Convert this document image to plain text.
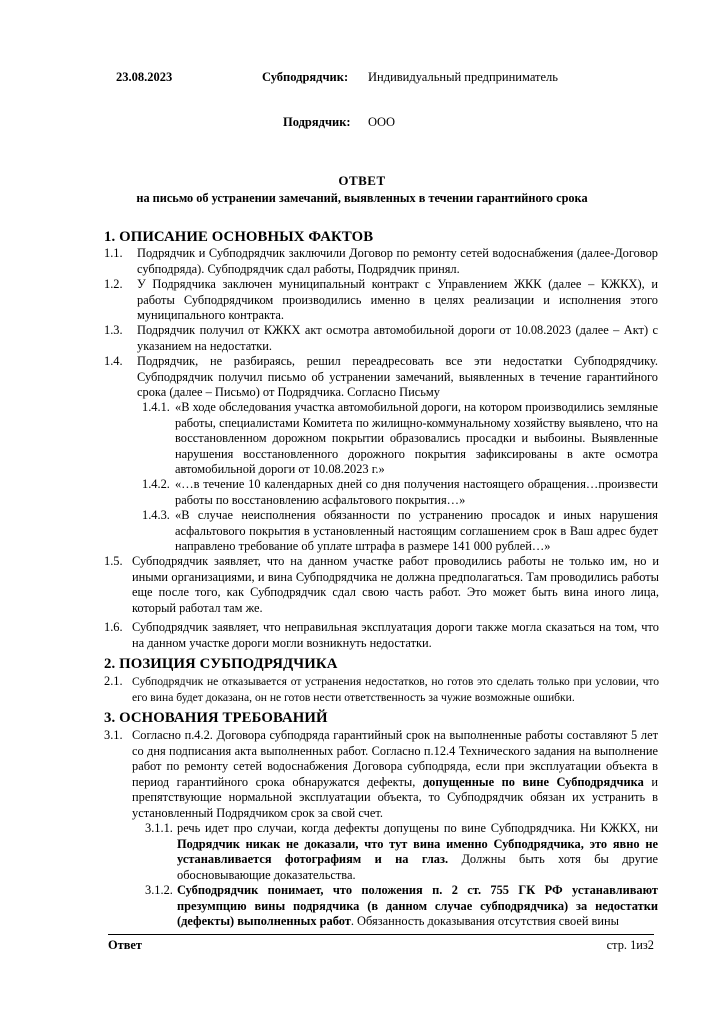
23.08.2023	Субподрядчик: Индивидуальный предприниматель
Подрядчик: ООО
ОТВЕТ
на письмо об устранении замечаний, выявленных в течении гарантийного срока
1. ОПИСАНИЕ ОСНОВНЫХ ФАКТОВ
1.1. Подрядчик и Субподрядчик заключили Договор по ремонту сетей водоснабжения (далее-Договор субподряда). Субподрядчик сдал работы, Подрядчик принял.
1.2. У Подрядчика заключен муниципальный контракт с Управлением ЖКК (далее – КЖКХ), и работы Субподрядчиком производились именно в целях реализации и исполнения этого муниципального контракта.
1.3. Подрядчик получил от КЖКХ акт осмотра автомобильной дороги от 10.08.2023 (далее – Акт) с указанием на недостатки.
1.4. Подрядчик, не разбираясь, решил переадресовать все эти недостатки Субподрядчику. Субподрядчик получил письмо об устранении замечаний, выявленных в течение гарантийного срока (далее – Письмо) от Подрядчика. Согласно Письму
1.4.1. «В ходе обследования участка автомобильной дороги, на котором производились земляные работы, специалистами Комитета по жилищно-коммунальному хозяйству выявлено, что на восстановленном дорожном покрытии образовались просадки и выбоины. Выявленные нарушения восстановленного дорожного покрытия зафиксированы в акте осмотра автомобильной дороги от 10.08.2023 г.»
1.4.2. «…в течение 10 календарных дней со дня получения настоящего обращения…произвести работы по восстановлению асфальтового покрытия…»
1.4.3. «В случае неисполнения обязанности по устранению просадок и иных нарушения асфальтового покрытия в установленный настоящим соглашением срок в Ваш адрес будет направлено требование об уплате штрафа в размере 141 000 рублей…»
1.5. Субподрядчик заявляет, что на данном участке работ проводились работы не только им, но и иными организациями, и вина Субподрядчика не должна предполагаться. Там проводились работы еще после того, как Субподрядчик сдал свою часть работ. Это может быть вина иного лица, который работал там же.
1.6. Субподрядчик заявляет, что неправильная эксплуатация дороги также могла сказаться на том, что на данном участке дороги могли возникнуть недостатки.
2. ПОЗИЦИЯ СУБПОДРЯДЧИКА
2.1. Субподрядчик не отказывается от устранения недостатков, но готов это сделать только при условии, что его вина будет доказана, он не готов нести ответственность за чужие возможные ошибки.
3. ОСНОВАНИЯ ТРЕБОВАНИЙ
3.1. Согласно п.4.2. Договора субподряда гарантийный срок на выполненные работы составляют 5 лет со дня подписания акта выполненных работ. Согласно п.12.4 Технического задания на выполнение работ по ремонту сетей водоснабжения Договора субподряда, если при эксплуатации объекта в период гарантийного срока обнаружатся дефекты, допущенные по вине Субподрядчика и препятствующие нормальной эксплуатации объекта, то Субподрядчик обязан их устранить в установленный Подрядчиком срок за свой счет.
3.1.1. речь идет про случаи, когда дефекты допущены по вине Субподрядчика. Ни КЖКХ, ни Подрядчик никак не доказали, что тут вина именно Субподрядчика, это явно не устанавливается фотографиям и на глаз. Должны быть хотя бы другие обосновывающие доказательства.
3.1.2. Субподрядчик понимает, что положения п. 2 ст. 755 ГК РФ устанавливают презумпцию вины подрядчика (в данном случае субподрядчика) за недостатки (дефекты) выполненных работ. Обязанность доказывания отсутствия своей вины
Ответ	стр. 1из2
